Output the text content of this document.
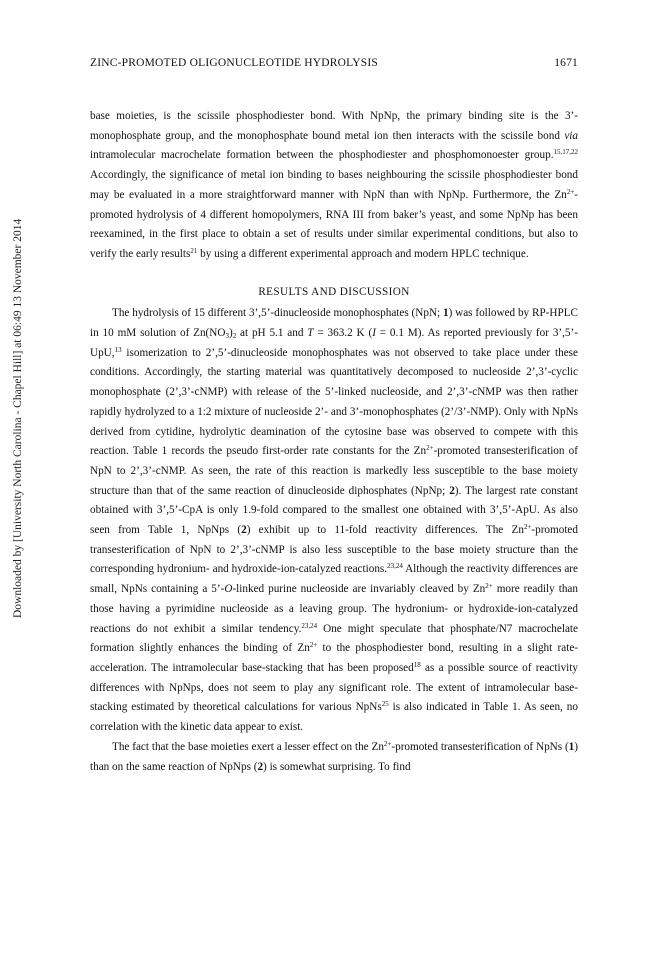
Downloaded by [University North Carolina - Chapel Hill] at 06:49 13 November 2014
ZINC-PROMOTED OLIGONUCLEOTIDE HYDROLYSIS	1671

base moieties, is the scissile phosphodiester bond. With NpNp, the primary binding site is the 3’-monophosphate group, and the monophosphate bound metal ion then interacts with the scissile bond via intramolecular macrochelate formation between the phosphodiester and phosphomonoester group.$^{15,17,22}$ Accordingly, the significance of metal ion binding to bases neighbouring the scissile phosphodiester bond may be evaluated in a more straightforward manner with NpN than with NpNp. Furthermore, the $Zn^{2+}$-promoted hydrolysis of 4 different homopolymers, RNA III from baker’s yeast, and some NpNp has been reexamined, in the first place to obtain a set of results under similar experimental conditions, but also to verify the early results$^{21}$ by using a different experimental approach and modern HPLC technique.

RESULTS AND DISCUSSION

The hydrolysis of 15 different 3’,5’-dinucleoside monophosphates (NpN; 1) was followed by RP-HPLC in 10 mM solution of $Zn(NO_3)_2$ at pH 5.1 and T = 363.2 K (I = 0.1 M). As reported previously for 3’,5’-UpU,$^{13}$ isomerization to 2’,5’-dinucleoside monophosphates was not observed to take place under these conditions. Accordingly, the starting material was quantitatively decomposed to nucleoside 2’,3’-cyclic monophosphate (2’,3’-cNMP) with release of the 5’-linked nucleoside, and 2’,3’-cNMP was then rather rapidly hydrolyzed to a 1:2 mixture of nucleoside 2’- and 3’-monophosphates (2’/3’-NMP). Only with NpNs derived from cytidine, hydrolytic deamination of the cytosine base was observed to compete with this reaction. Table 1 records the pseudo first-order rate constants for the $Zn^{2+}$-promoted transesterification of NpN to 2’,3’-cNMP. As seen, the rate of this reaction is markedly less susceptible to the base moiety structure than that of the same reaction of dinucleoside diphosphates (NpNp; 2). The largest rate constant obtained with 3’,5’-CpA is only 1.9-fold compared to the smallest one obtained with 3’,5’-ApU. As also seen from Table 1, NpNps (2) exhibit up to 11-fold reactivity differences. The $Zn^{2+}$-promoted transesterification of NpN to 2’,3’-cNMP is also less susceptible to the base moiety structure than the corresponding hydronium- and hydroxide-ion-catalyzed reactions.$^{23,24}$ Although the reactivity differences are small, NpNs containing a 5’-O-linked purine nucleoside are invariably cleaved by $Zn^{2+}$ more readily than those having a pyrimidine nucleoside as a leaving group. The hydronium- or hydroxide-ion-catalyzed reactions do not exhibit a similar tendency.$^{23,24}$ One might speculate that phosphate/N7 macrochelate formation slightly enhances the binding of $Zn^{2+}$ to the phosphodiester bond, resulting in a slight rate-acceleration. The intramolecular base-stacking that has been proposed$^{18}$ as a possible source of reactivity differences with NpNps, does not seem to play any significant role. The extent of intramolecular base-stacking estimated by theoretical calculations for various NpNs$^{25}$ is also indicated in Table 1. As seen, no correlation with the kinetic data appear to exist.

The fact that the base moieties exert a lesser effect on the $Zn^{2+}$-promoted transesterification of NpNs (1) than on the same reaction of NpNps (2) is somewhat surprising. To find
